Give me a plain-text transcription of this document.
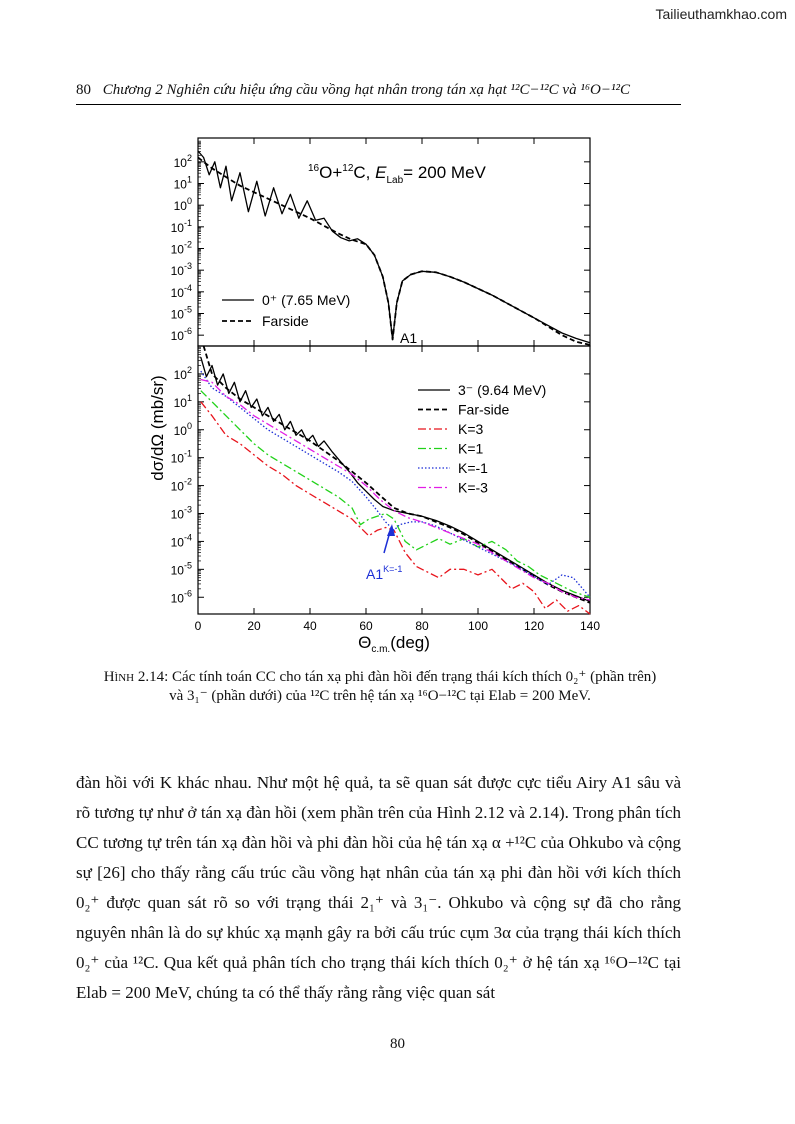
Tailieuthamkhao.com
80 Chương 2 Nghiên cứu hiệu ứng cầu vồng hạt nhân trong tán xạ hạt ¹²C−¹²C và ¹⁶O−¹²C
$10^2$
$10^1$
$10^0$
$10^{-1}$
$10^{-2}$
$10^{-3}$
$10^{-4}$
$10^{-5}$
$10^{-6}$
$10^2$
$10^1$
$10^0$
$10^{-1}$
$10^{-2}$
$10^{-3}$
$10^{-4}$
$10^{-5}$
$10^{-6}$
0	20	40	60	80	100	120	140
$^{16}$O+$^{12}$C, $E_{Lab}= 200$ MeV
0⁺ (7.65 MeV)
Farside
A1
3⁻ (9.64 MeV)
Far-side
K=3
K=1
K=-1
K=-3
$A1^{K=-1}$
dσ/dΩ (mb/sr)
$\Theta_{c.m.}(deg)$
Hình 2.14: Các tính toán CC cho tán xạ phi đàn hồi đến trạng thái kích thích 0₂⁺ (phần trên) và 3₁⁻ (phần dưới) của ¹²C trên hệ tán xạ ¹⁶O−¹²C tại Elab = 200 MeV.

đàn hồi với K khác nhau. Như một hệ quả, ta sẽ quan sát được cực tiểu Airy A1 sâu và rõ tương tự như ở tán xạ đàn hồi (xem phần trên của Hình 2.12 và 2.14). Trong phân tích CC tương tự trên tán xạ đàn hồi và phi đàn hồi của hệ tán xạ α +¹²C của Ohkubo và cộng sự [26] cho thấy rằng cấu trúc cầu vồng hạt nhân của tán xạ phi đàn hồi với kích thích 0₂⁺ được quan sát rõ so với trạng thái 2₁⁺ và 3₁⁻. Ohkubo và cộng sự đã cho rằng nguyên nhân là do sự khúc xạ mạnh gây ra bởi cấu trúc cụm 3α của trạng thái kích thích 0₂⁺ của ¹²C. Qua kết quả phân tích cho trạng thái kích thích 0₂⁺ ở hệ tán xạ ¹⁶O−¹²C tại Elab = 200 MeV, chúng ta có thể thấy rằng rằng việc quan sát

80
